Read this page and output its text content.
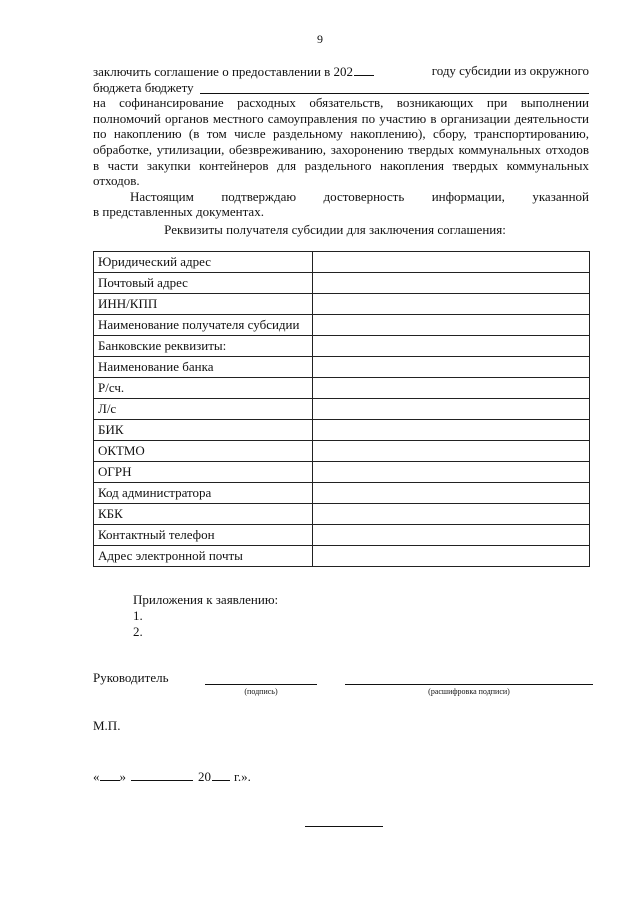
9
заключить соглашение о предоставлении в 202	году субсидии из окружного
бюджета бюджету

на софинансирование расходных обязательств, возникающих при выполнении полномочий органов местного самоуправления по участию в организации деятельности по накоплению (в том числе раздельному накоплению), сбору, транспортированию, обработке, утилизации, обезвреживанию, захоронению твердых коммунальных отходов в части закупки контейнеров для раздельного накопления твердых коммунальных отходов.

Настоящим подтверждаю достоверность информации, указанной

в представленных документах.

Реквизиты получателя субсидии для заключения соглашения:
Юридический адрес	
Почтовый адрес	
ИНН/КПП	
Наименование получателя субсидии	
Банковские реквизиты:	
Наименование банка	
Р/сч.	
Л/с	
БИК	
ОКТМО	
ОГРН	
Код администратора	
КБК	
Контактный телефон	
Адрес электронной почты	
Приложения к заявлению:
1.
2.
Руководитель
(подпись)	(расшифровка подписи)
М.П.
« »	20 г.».
